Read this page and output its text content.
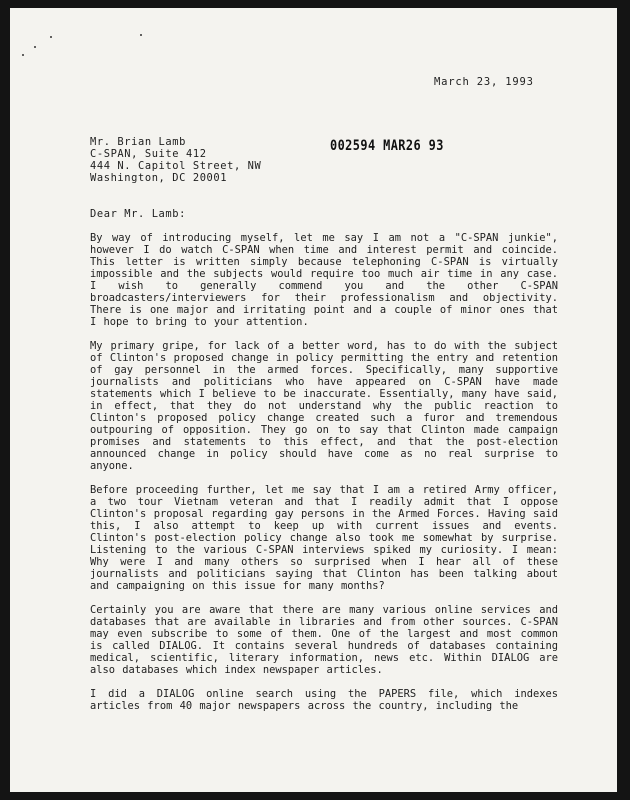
March 23, 1993
002594 MAR26 93
Mr. Brian Lamb
C-SPAN, Suite 412
444 N. Capitol Street, NW
Washington, DC 20001
Dear Mr. Lamb:
By way of introducing myself, let me say I am not a "C-SPAN junkie", however I do watch C-SPAN when time and interest permit and coincide. This letter is written simply because telephoning C-SPAN is virtually impossible and the subjects would require too much air time in any case. I wish to generally commend you and the other C-SPAN broadcasters/interviewers for their professionalism and objectivity. There is one major and irritating point and a couple of minor ones that I hope to bring to your attention.
My primary gripe, for lack of a better word, has to do with the subject of Clinton's proposed change in policy permitting the entry and retention of gay personnel in the armed forces. Specifically, many supportive journalists and politicians who have appeared on C-SPAN have made statements which I believe to be inaccurate. Essentially, many have said, in effect, that they do not understand why the public reaction to Clinton's proposed policy change created such a furor and tremendous outpouring of opposition. They go on to say that Clinton made campaign promises and statements to this effect, and that the post-election announced change in policy should have come as no real surprise to anyone.
Before proceeding further, let me say that I am a retired Army officer, a two tour Vietnam veteran and that I readily admit that I oppose Clinton's proposal regarding gay persons in the Armed Forces. Having said this, I also attempt to keep up with current issues and events. Clinton's post-election policy change also took me somewhat by surprise. Listening to the various C-SPAN interviews spiked my curiosity. I mean: Why were I and many others so surprised when I hear all of these journalists and politicians saying that Clinton has been talking about and campaigning on this issue for many months?
Certainly you are aware that there are many various online services and databases that are available in libraries and from other sources. C-SPAN may even subscribe to some of them. One of the largest and most common is called DIALOG. It contains several hundreds of databases containing medical, scientific, literary information, news etc. Within DIALOG are also databases which index newspaper articles.
I did a DIALOG online search using the PAPERS file, which indexes articles from 40 major newspapers across the country, including the
